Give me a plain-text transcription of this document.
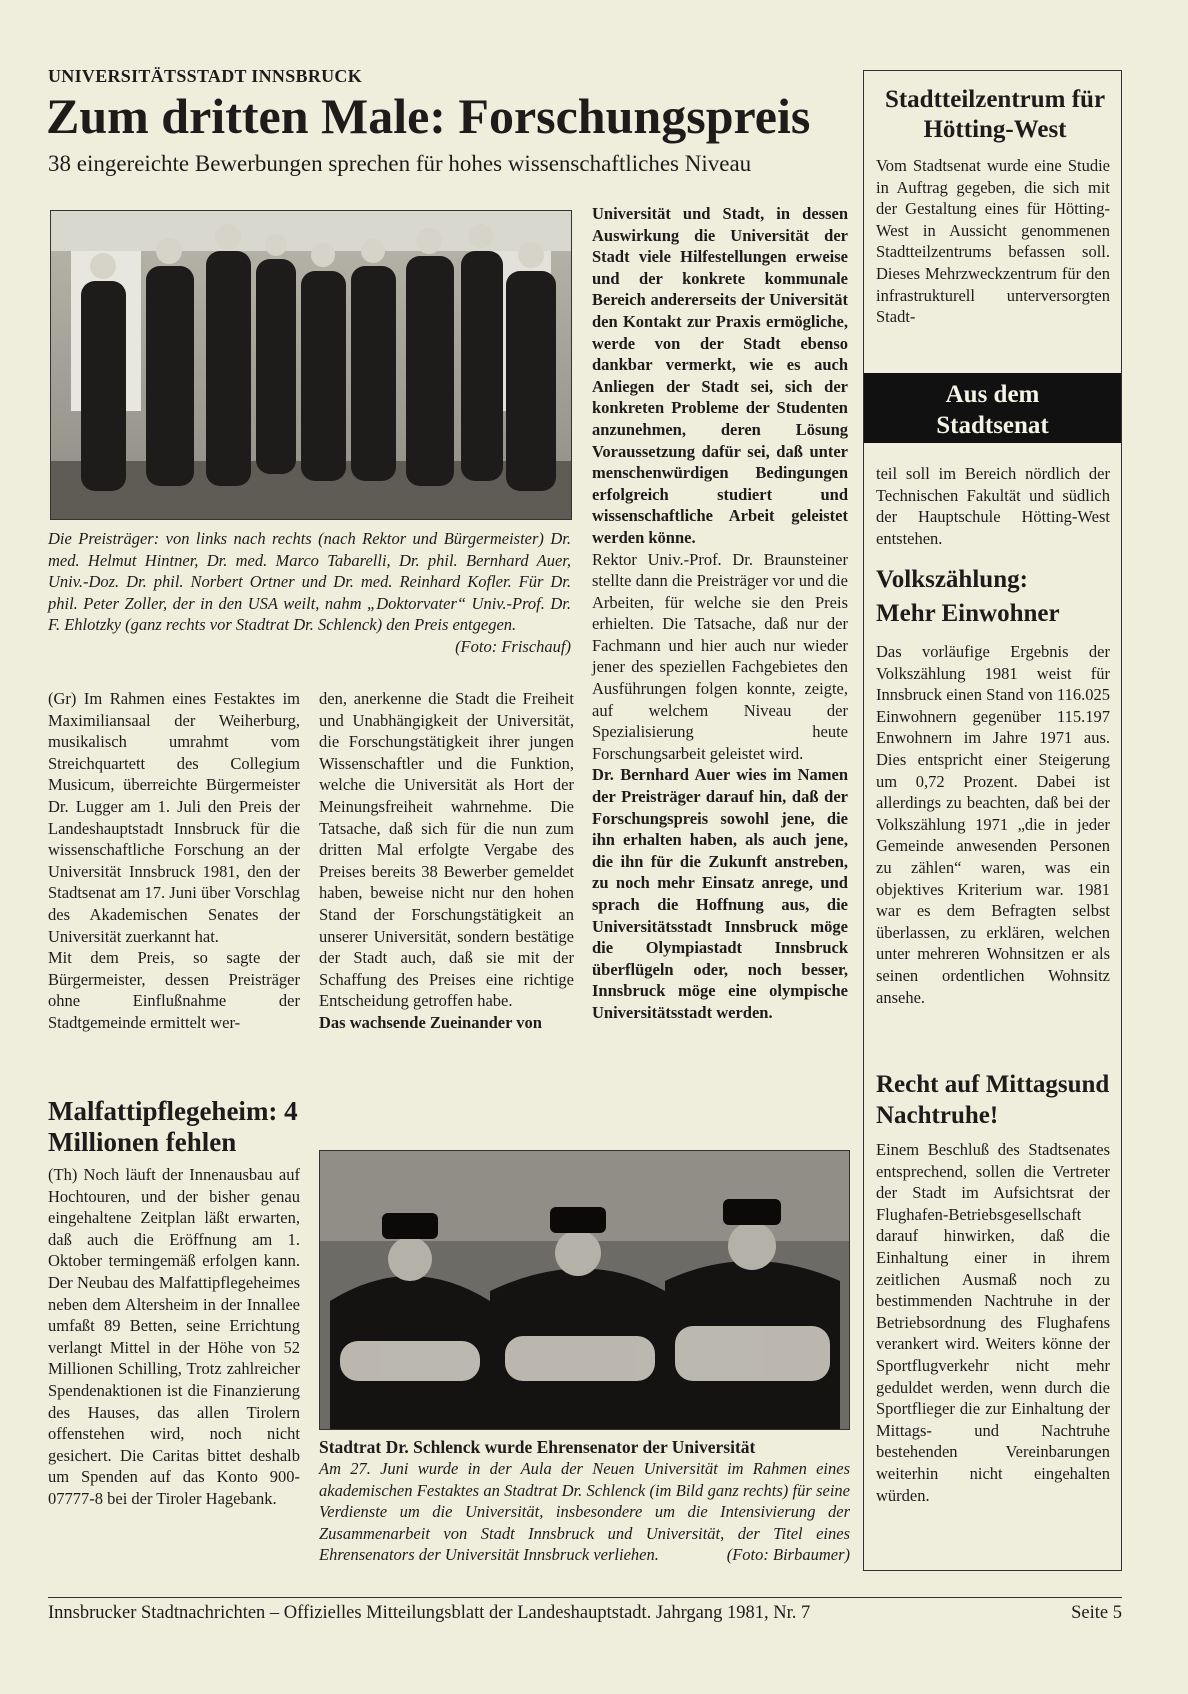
UNIVERSITÄTSSTADT INNSBRUCK
Zum dritten Male: Forschungspreis
38 eingereichte Bewerbungen sprechen für hohes wissenschaftliches Niveau
Die Preisträger: von links nach rechts (nach Rektor und Bürgermeister) Dr. med. Helmut Hintner, Dr. med. Marco Tabarelli, Dr. phil. Bernhard Auer, Univ.-Doz. Dr. phil. Norbert Ortner und Dr. med. Reinhard Kofler. Für Dr. phil. Peter Zoller, der in den USA weilt, nahm „Doktorvater“ Univ.-Prof. Dr. F. Ehlotzky (ganz rechts vor Stadtrat Dr. Schlenck) den Preis entgegen.
(Foto: Frischauf)

(Gr) Im Rahmen eines Festaktes im Maximiliansaal der Weiherburg, musikalisch umrahmt vom Streichquartett des Collegium Musicum, überreichte Bürgermeister Dr. Lugger am 1. Juli den Preis der Landeshauptstadt Innsbruck für die wissenschaftliche Forschung an der Universität Innsbruck 1981, den der Stadtsenat am 17. Juni über Vorschlag des Akademischen Senates der Universität zuerkannt hat.

Mit dem Preis, so sagte der Bürgermeister, dessen Preisträger ohne Einflußnahme der Stadtgemeinde ermittelt wer-

den, anerkenne die Stadt die Freiheit und Unabhängigkeit der Universität, die Forschungstätigkeit ihrer jungen Wissenschaftler und die Funktion, welche die Universität als Hort der Meinungsfreiheit wahrnehme. Die Tatsache, daß sich für die nun zum dritten Mal erfolgte Vergabe des Preises bereits 38 Bewerber gemeldet haben, beweise nicht nur den hohen Stand der Forschungstätigkeit an unserer Universität, sondern bestätige der Stadt auch, daß sie mit der Schaffung des Preises eine richtige Entscheidung getroffen habe.

Das wachsende Zueinander von

Universität und Stadt, in dessen Auswirkung die Universität der Stadt viele Hilfestellungen erweise und der konkrete kommunale Bereich andererseits der Universität den Kontakt zur Praxis ermögliche, werde von der Stadt ebenso dankbar vermerkt, wie es auch Anliegen der Stadt sei, sich der konkreten Probleme der Studenten anzunehmen, deren Lösung Voraussetzung dafür sei, daß unter menschenwürdigen Bedingungen erfolgreich studiert und wissenschaftliche Arbeit geleistet werden könne.

Rektor Univ.-Prof. Dr. Braunsteiner stellte dann die Preisträger vor und die Arbeiten, für welche sie den Preis erhielten. Die Tatsache, daß nur der Fachmann und hier auch nur wieder jener des speziellen Fachgebietes den Ausführungen folgen konnte, zeigte, auf welchem Niveau der Spezialisierung heute Forschungsarbeit geleistet wird.

Dr. Bernhard Auer wies im Namen der Preisträger darauf hin, daß der Forschungspreis sowohl jene, die ihn erhalten haben, als auch jene, die ihn für die Zukunft anstreben, zu noch mehr Einsatz anrege, und sprach die Hoffnung aus, die Universitätsstadt Innsbruck möge die Olympiastadt Innsbruck überflügeln oder, noch besser, Innsbruck möge eine olympische Universitätsstadt werden.

Malfattipflegeheim: 4 Millionen fehlen

(Th) Noch läuft der Innenausbau auf Hochtouren, und der bisher genau eingehaltene Zeitplan läßt erwarten, daß auch die Eröffnung am 1. Oktober termingemäß erfolgen kann. Der Neubau des Malfattipflegeheimes neben dem Altersheim in der Innallee umfaßt 89 Betten, seine Errichtung verlangt Mittel in der Höhe von 52 Millionen Schilling, Trotz zahlreicher Spendenaktionen ist die Finanzierung des Hauses, das allen Tirolern offenstehen wird, noch nicht gesichert. Die Caritas bittet deshalb um Spenden auf das Konto 900-07777-8 bei der Tiroler Hagebank.

Stadtrat Dr. Schlenck wurde Ehrensenator der Universität
Am 27. Juni wurde in der Aula der Neuen Universität im Rahmen eines akademischen Festaktes an Stadtrat Dr. Schlenck (im Bild ganz rechts) für seine Verdienste um die Universität, insbesondere um die Intensivierung der Zusammenarbeit von Stadt Innsbruck und Universität, der Titel eines Ehrensenators der Universität Innsbruck verliehen.	(Foto: Birbaumer)
Stadtteilzentrum für Hötting-West

Vom Stadtsenat wurde eine Studie in Auftrag gegeben, die sich mit der Gestaltung eines für Hötting-West in Aussicht genommenen Stadtteilzentrums befassen soll. Dieses Mehrzweckzentrum für den infrastrukturell unterversorgten Stadt-

Aus dem Stadtsenat

teil soll im Bereich nördlich der Technischen Fakultät und südlich der Hauptschule Hötting-West entstehen.

Volkszählung: Mehr Einwohner

Das vorläufige Ergebnis der Volkszählung 1981 weist für Innsbruck einen Stand von 116.025 Einwohnern gegenüber 115.197 Enwohnern im Jahre 1971 aus. Dies entspricht einer Steigerung um 0,72 Prozent. Dabei ist allerdings zu beachten, daß bei der Volkszählung 1971 „die in jeder Gemeinde anwesenden Personen zu zählen“ waren, was ein objektives Kriterium war. 1981 war es dem Befragten selbst überlassen, zu erklären, welchen unter mehreren Wohnsitzen er als seinen ordentlichen Wohnsitz ansehe.

Recht auf Mittagsund Nachtruhe!

Einem Beschluß des Stadtsenates entsprechend, sollen die Vertreter der Stadt im Aufsichtsrat der Flughafen-Betriebsgesellschaft darauf hinwirken, daß die Einhaltung einer in ihrem zeitlichen Ausmaß noch zu bestimmenden Nachtruhe in der Betriebsordnung des Flughafens verankert wird. Weiters könne der Sportflugverkehr nicht mehr geduldet werden, wenn durch die Sportflieger die zur Einhaltung der Mittags- und Nachtruhe bestehenden Vereinbarungen weiterhin nicht eingehalten würden.

Innsbrucker Stadtnachrichten – Offizielles Mitteilungsblatt der Landeshauptstadt. Jahrgang 1981, Nr. 7	Seite 5
